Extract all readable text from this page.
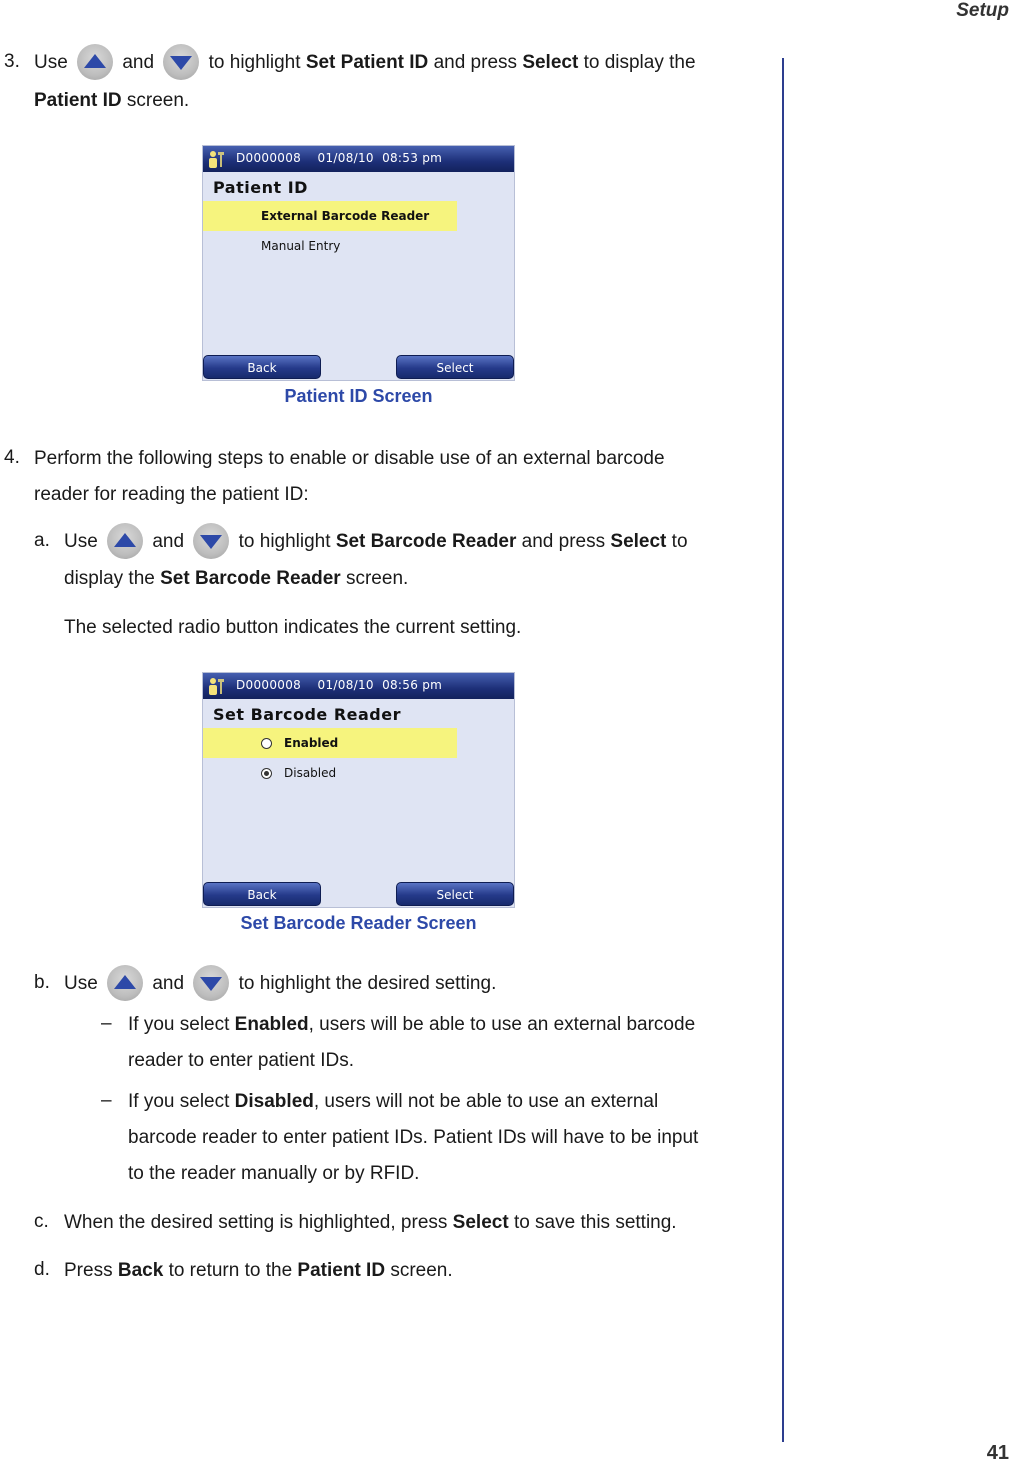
Setup
3. Use	and	to highlight Set Patient ID and press Select to display the
Patient ID screen.
D0000008    01/08/10  08:53 pm
Patient ID
External Barcode Reader
Manual Entry
Back	Select
Patient ID Screen
4. Perform the following steps to enable or disable use of an external barcode
reader for reading the patient ID:
a. Use	and	to highlight Set Barcode Reader and press Select to
display the Set Barcode Reader screen.
The selected radio button indicates the current setting.
D0000008    01/08/10  08:56 pm
Set Barcode Reader
Enabled
Disabled
Back	Select
Set Barcode Reader Screen
b. Use	and	to highlight the desired setting.
– If you select Enabled, users will be able to use an external barcode
reader to enter patient IDs.
– If you select Disabled, users will not be able to use an external
barcode reader to enter patient IDs. Patient IDs will have to be input
to the reader manually or by RFID.
c. When the desired setting is highlighted, press Select to save this setting.
d. Press Back to return to the Patient ID screen.
41
